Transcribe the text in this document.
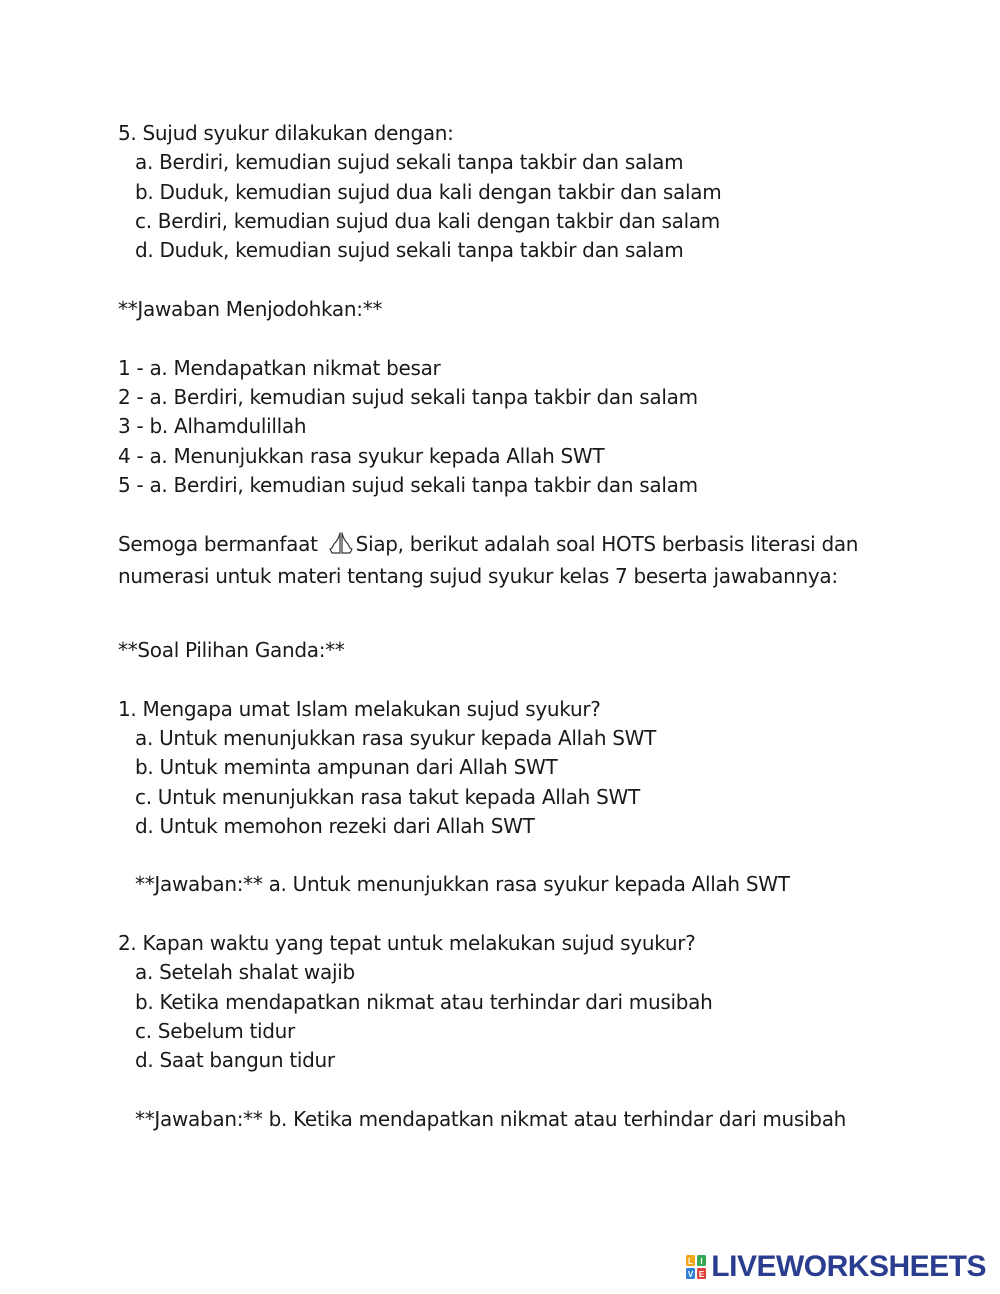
5. Sujud syukur dilakukan dengan:
a. Berdiri, kemudian sujud sekali tanpa takbir dan salam
b. Duduk, kemudian sujud dua kali dengan takbir dan salam
c. Berdiri, kemudian sujud dua kali dengan takbir dan salam
d. Duduk, kemudian sujud sekali tanpa takbir dan salam
**Jawaban Menjodohkan:**
1 - a. Mendapatkan nikmat besar
2 - a. Berdiri, kemudian sujud sekali tanpa takbir dan salam
3 - b. Alhamdulillah
4 - a. Menunjukkan rasa syukur kepada Allah SWT
5 - a. Berdiri, kemudian sujud sekali tanpa takbir dan salam
Semoga bermanfaat Siap, berikut adalah soal HOTS berbasis literasi dan
numerasi untuk materi tentang sujud syukur kelas 7 beserta jawabannya:
**Soal Pilihan Ganda:**
1. Mengapa umat Islam melakukan sujud syukur?
a. Untuk menunjukkan rasa syukur kepada Allah SWT
b. Untuk meminta ampunan dari Allah SWT
c. Untuk menunjukkan rasa takut kepada Allah SWT
d. Untuk memohon rezeki dari Allah SWT
**Jawaban:** a. Untuk menunjukkan rasa syukur kepada Allah SWT
2. Kapan waktu yang tepat untuk melakukan sujud syukur?
a. Setelah shalat wajib
b. Ketika mendapatkan nikmat atau terhindar dari musibah
c. Sebelum tidur
d. Saat bangun tidur
**Jawaban:** b. Ketika mendapatkan nikmat atau terhindar dari musibah
L I
V E LIVEWORKSHEETS
